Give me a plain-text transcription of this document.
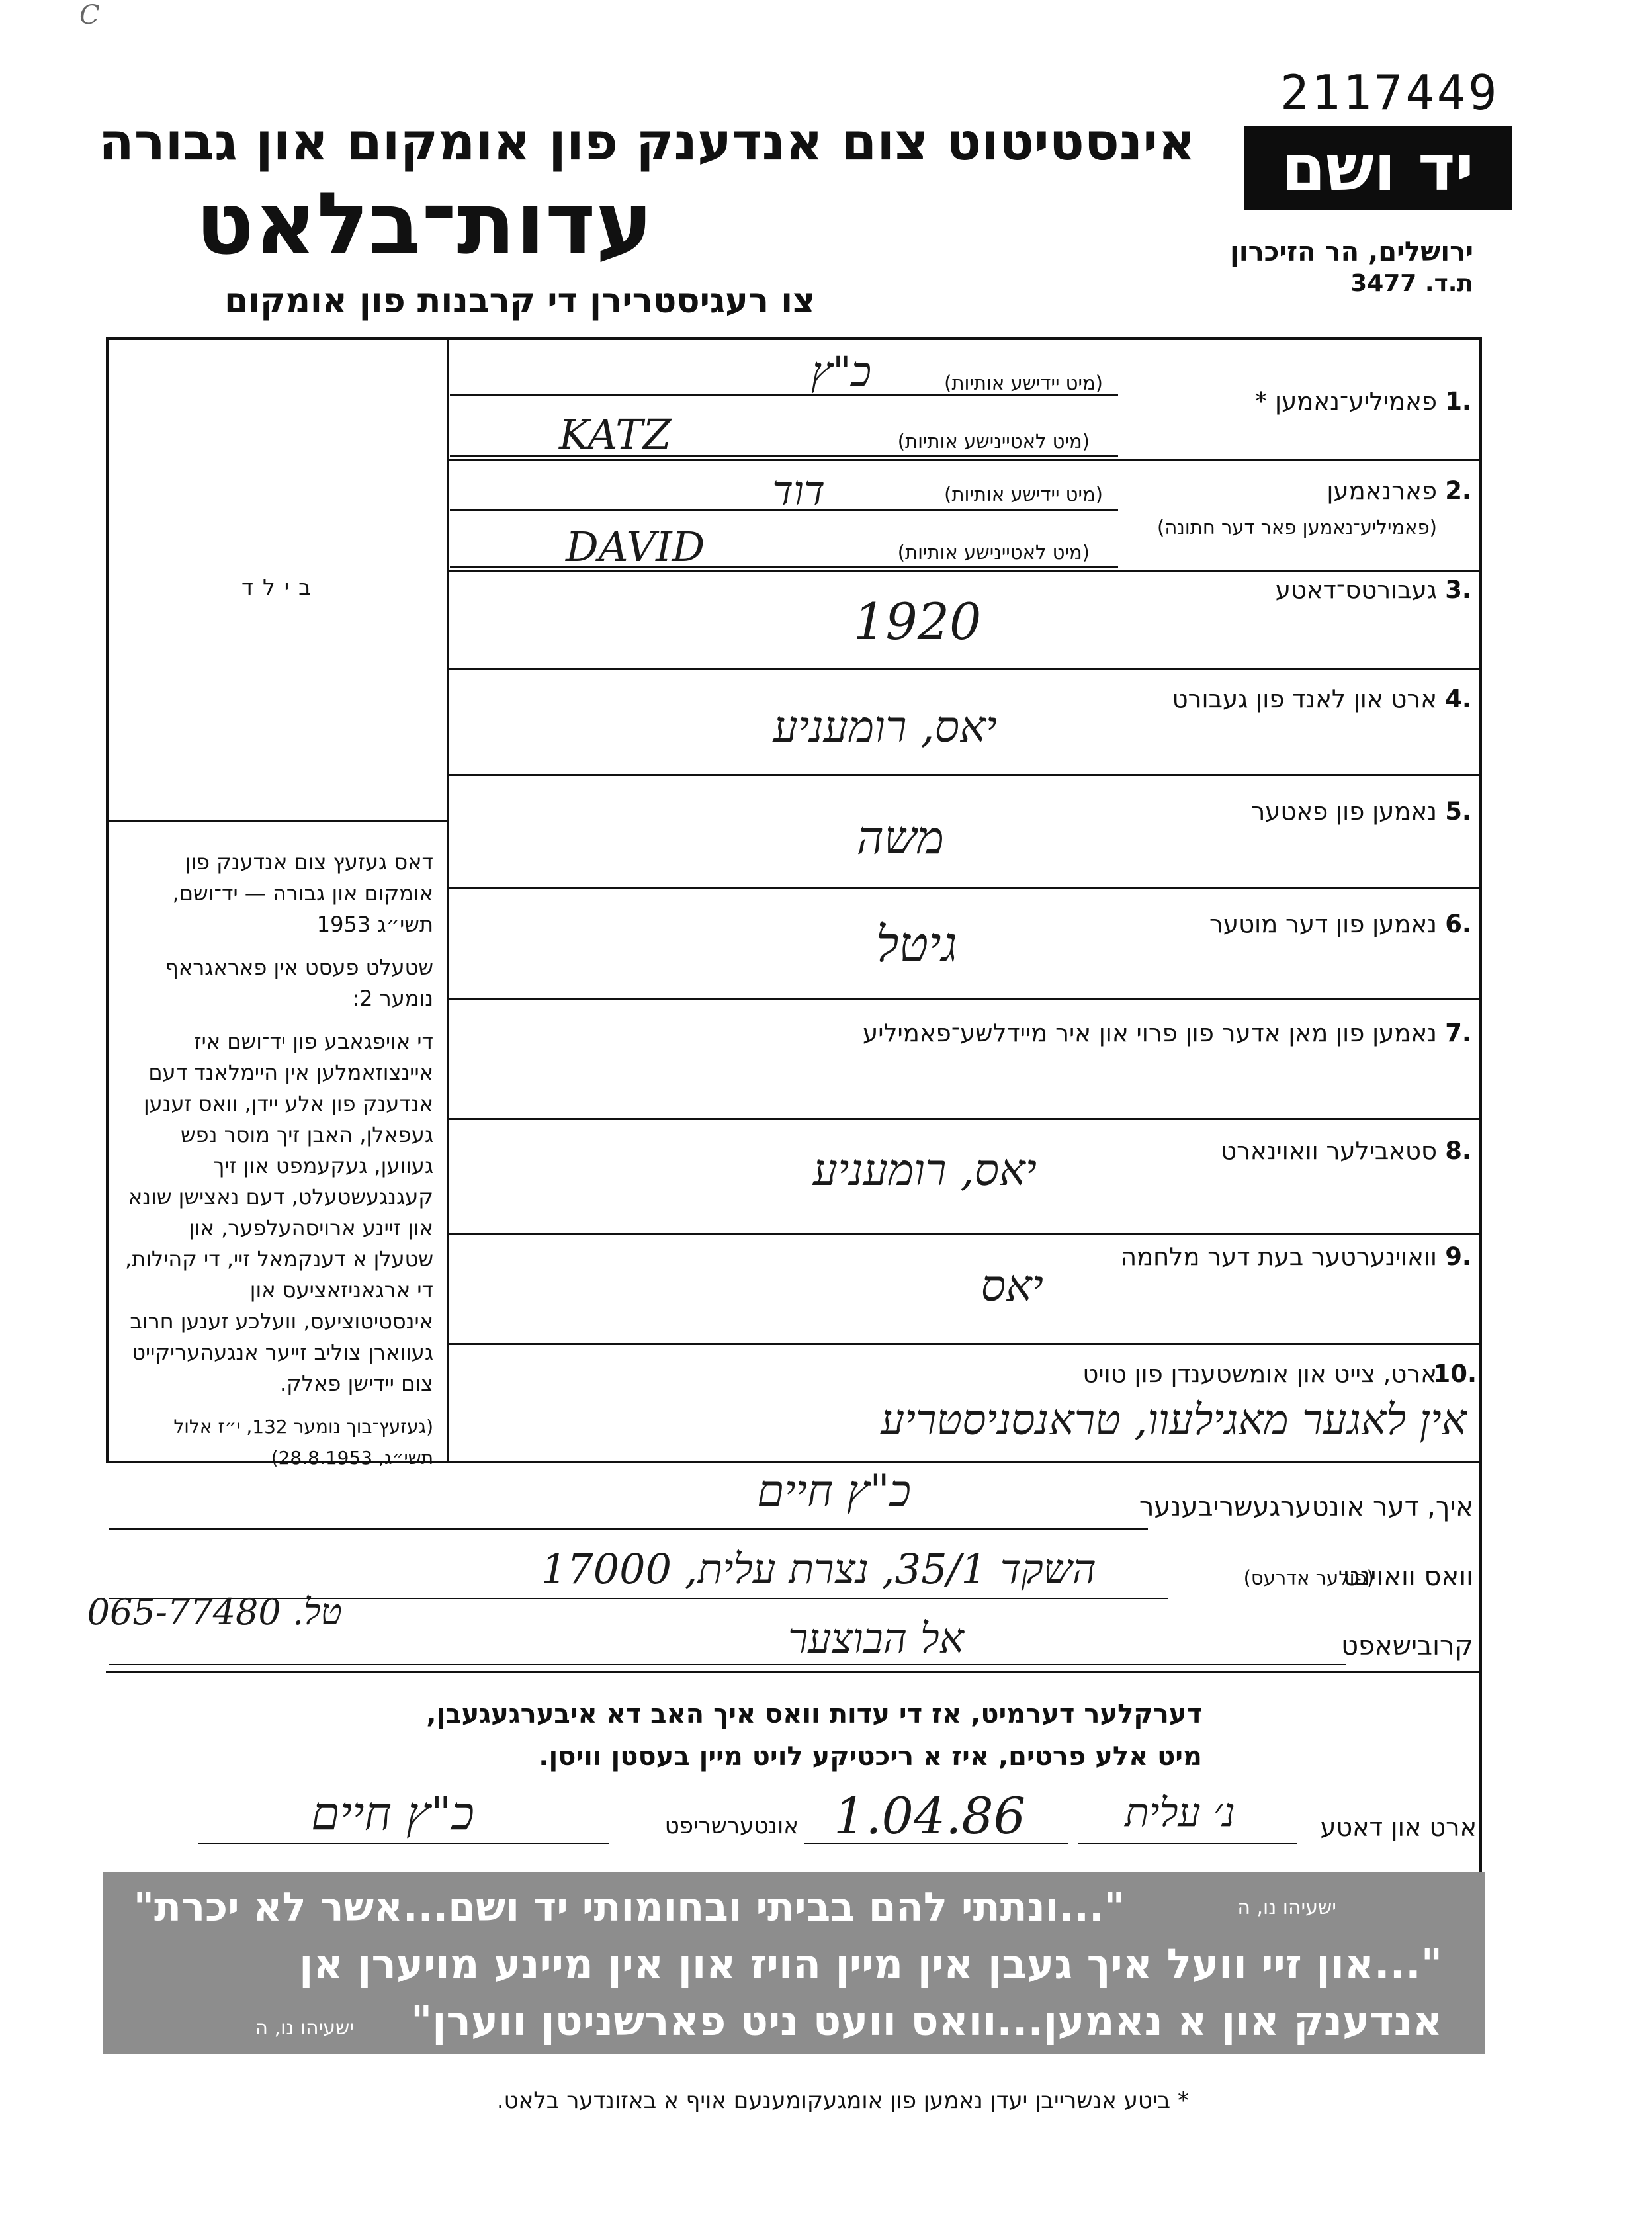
C
2117449
יד ושם
ירושלים, הר הזיכרון
ת.ד. 3477
אינסטיטוט צום אנדענק פון אומקום און גבורה
עדות־בלאט
צו רעגיסטרירן די קרבנות פון אומקום
בילד
1.
פאמיליע־נאמען *
(מיט יידישע אותיות)
כ"ץ
(מיט לאטיינישע אותיות)
KATZ
2.
פארנאמען
(פאמיליע־נאמען פאר דער חתונה)
(מיט יידישע אותיות)
דוד
(מיט לאטיינישע אותיות)
DAVID
3.
געבורטס־דאטע
1920
4.
ארט און לאנד פון געבורט
יאס, רומעניע
5.
נאמען פון פאטער
משה
6.
נאמען פון דער מוטער
גיטל
7.
נאמען פון מאן אדער פון פרוי און איר מיידלשע־פאמיליע
8.
סטאבילער וואוינארט
יאס, רומעניע
9.
וואוינערטער בעת דער מלחמה
יאס
10.
ארט, צייט און אומשטענדן פון טויט
אין לאגער מאגילעוו, טראנסניסטריע

דאס געזעץ צום אנדענק פון אומקום און גבורה — יד־ושם, תשי״ג 1953

שטעלט פעסט אין פאראגראף נומער 2:

די אויפגאבע פון יד־ושם איז איינצוזאמלען אין היימלאנד דעם אנדענק פון אלע יידן, וואס זענען געפאלן, האבן זיך מוסר נפש געווען, געקעמפט און זיך קעגנגעשטעלט, דעם נאצישן שונא און זיינע ארויסהעלפער, און שטעלן א דענקמאל זיי, די קהילות, די ארגאניזאציעס און אינסטיטוציעס, וועלכע זענען חרוב געווארן צוליב זייער אנגעהעריקייט צום יידישן פאלק.

(געזעץ־בוך נומער 132, י״ז אלול תשי״ג, 28.8.1953)

איך, דער אונטערגעשריבענער
כ"ץ חיים
וואס וואוינט
(פולער אדרעס)
השקד 35/1, נצרת עלית, 17000
טל. 065-77480
קרובישאפט
אל הבוצער
דערקלער דערמיט, אז די עדות וואס איך האב דא איבערגעגעבן,
מיט אלע פרטים, איז א ריכטיקע לויט מיין בעסטן וויסן.
ארט און דאטע
נ׳ עלית
1.04.86
אונטערשריפט
כ"ץ חיים
"...ונתתי להם בביתי ובחומותי יד ושם...אשר לא יכרת"	ישעיהו נו, ה
"...און זיי וועל איך געבן אין מיין הויז און אין מיינע מויערן אן
אנדענק און א נאמען...וואס וועט ניט פארשניטן ווערן"
ישעיהו נו, ה
* ביטע אנשרייבן יעדן נאמען פון אומגעקומענעם אויף א באזונדער בלאט.
